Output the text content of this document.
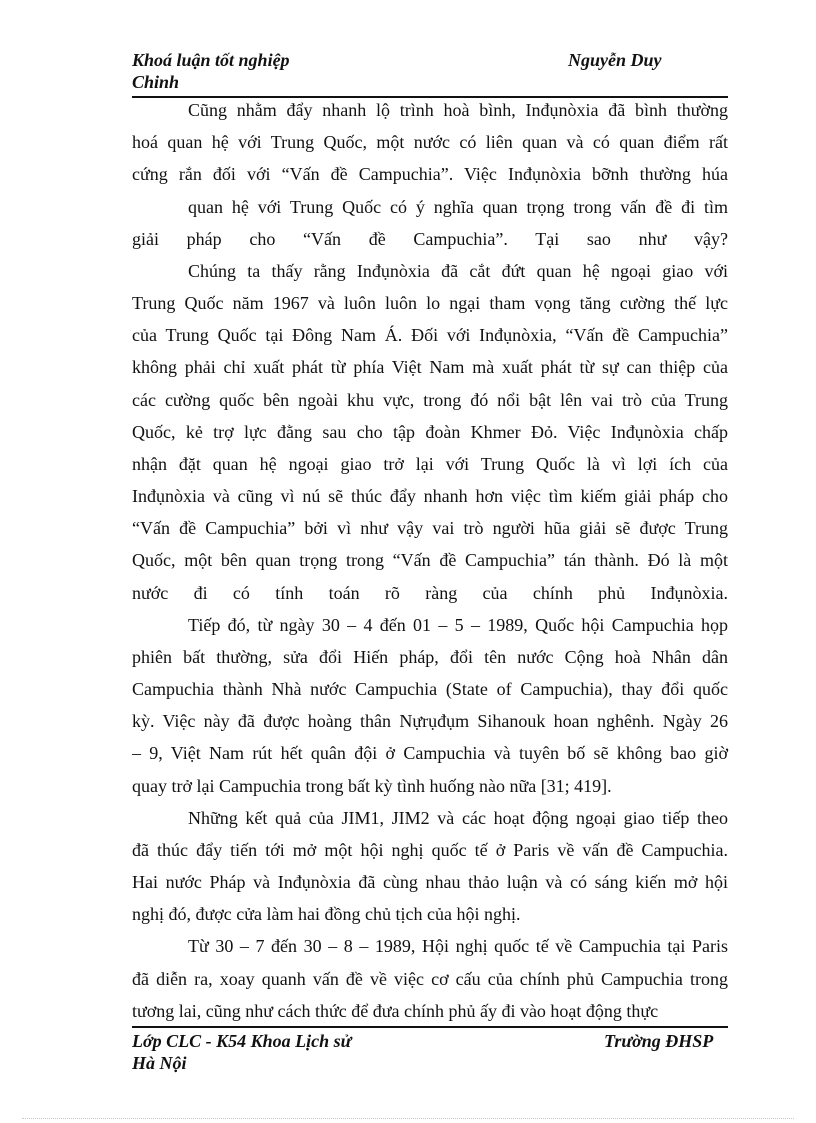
Khoá luận tốt nghiệp	Nguyễn Duy
Chinh
Cũng nhằm đẩy nhanh lộ trình hoà bình, Inđụnòxia đã bình thường
hoá quan hệ với Trung Quốc, một nước có liên quan và có quan điểm rất
cứng rắn đối với “Vấn đề Campuchia”. Việc Inđụnòxia bỡnh thường húa
quan hệ với Trung Quốc có ý nghĩa quan trọng trong vấn đề đi tìm
giải pháp cho “Vấn đề Campuchia”. Tại sao như vậy?
Chúng ta thấy rằng Inđụnòxia đã cắt đứt quan hệ ngoại giao với
Trung Quốc năm 1967 và luôn luôn lo ngại tham vọng tăng cường thế lực
của Trung Quốc tại Đông Nam Á. Đối với Inđụnòxia, “Vấn đề Campuchia”
không phải chỉ xuất phát từ phía Việt Nam mà xuất phát từ sự can thiệp của
các cường quốc bên ngoài khu vực, trong đó nổi bật lên vai trò của Trung
Quốc, kẻ trợ lực đằng sau cho tập đoàn Khmer Đỏ. Việc Inđụnòxia chấp
nhận đặt quan hệ ngoại giao trở lại với Trung Quốc là vì lợi ích của
Inđụnòxia và cũng vì nú sẽ thúc đẩy nhanh hơn việc tìm kiếm giải pháp cho
“Vấn đề Campuchia” bởi vì như vậy vai trò người hũa giải sẽ được Trung
Quốc, một bên quan trọng trong “Vấn đề Campuchia” tán thành. Đó là một
nước đi có tính toán rõ ràng của chính phủ Inđụnòxia.
Tiếp đó, từ ngày 30 – 4 đến 01 – 5 – 1989, Quốc hội Campuchia họp
phiên bất thường, sửa đổi Hiến pháp, đổi tên nước Cộng hoà Nhân dân
Campuchia thành Nhà nước Campuchia (State of Campuchia), thay đổi quốc
kỳ. Việc này đã được hoàng thân Nựrụđụm Sihanouk hoan nghênh. Ngày 26
– 9, Việt Nam rút hết quân đội ở Campuchia và tuyên bố sẽ không bao giờ
quay trở lại Campuchia trong bất kỳ tình huống nào nữa [31; 419].
Những kết quả của JIM1, JIM2 và các hoạt động ngoại giao tiếp theo
đã thúc đẩy tiến tới mở một hội nghị quốc tế ở Paris về vấn đề Campuchia.
Hai nước Pháp và Inđụnòxia đã cùng nhau thảo luận và có sáng kiến mở hội
nghị đó, được cửa làm hai đồng chủ tịch của hội nghị.
Từ 30 – 7 đến 30 – 8 – 1989, Hội nghị quốc tế về Campuchia tại Paris
đã diễn ra, xoay quanh vấn đề về việc cơ cấu của chính phủ Campuchia trong
tương lai, cũng như cách thức để đưa chính phủ ấy đi vào hoạt động thực
Lớp CLC - K54 Khoa Lịch sử	Trường ĐHSP
Hà Nội
